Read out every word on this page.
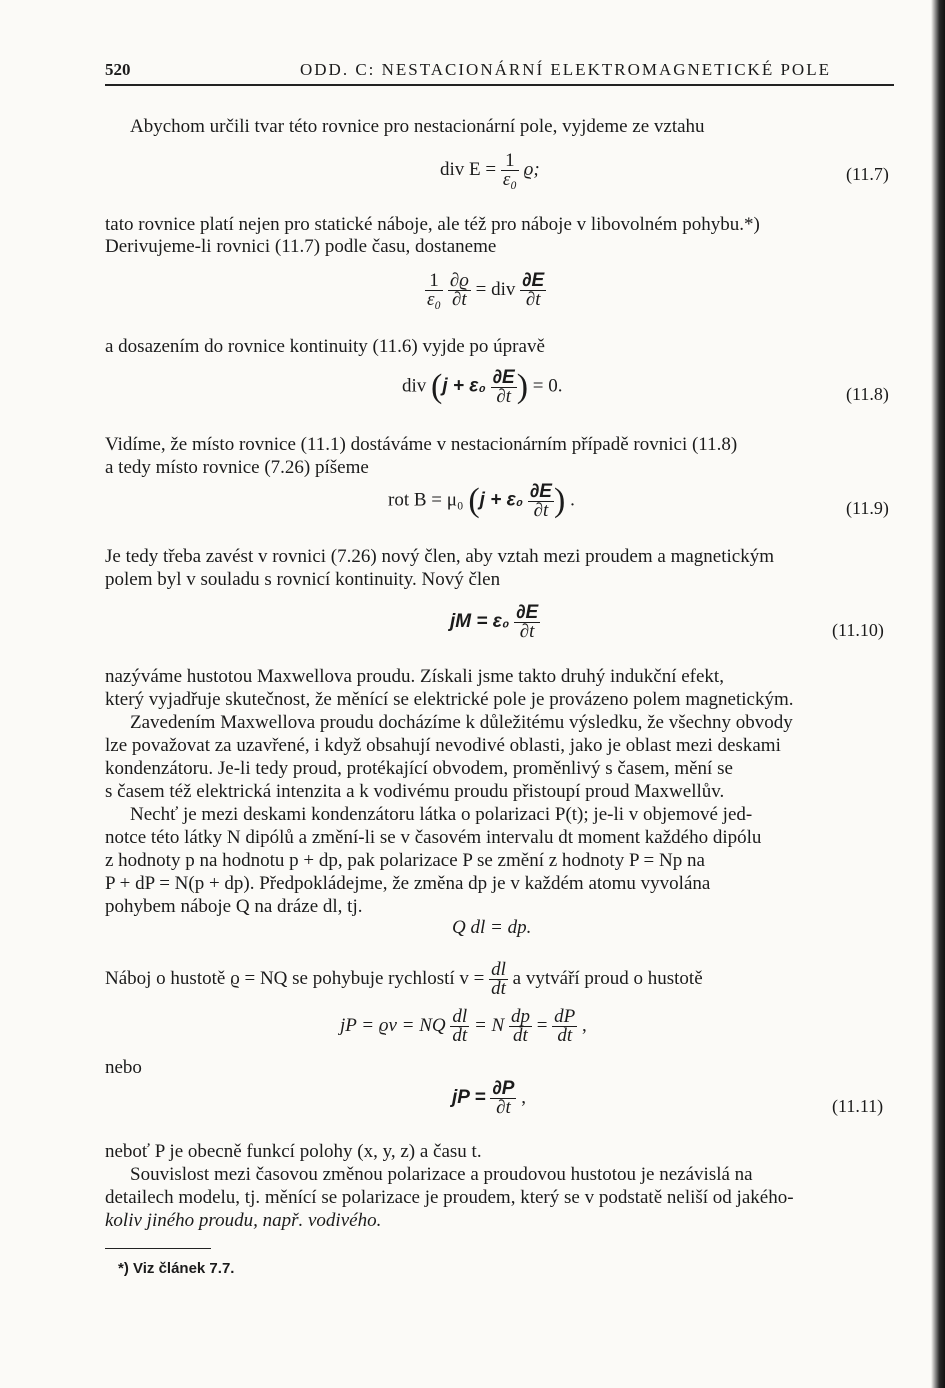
520	ODD. C: NESTACIONÁRNÍ ELEKTROMAGNETICKÉ POLE
Abychom určili tvar této rovnice pro nestacionární pole, vyjdeme ze vztahu
div $E = \frac{1}{\text{ε₀}} ϱ$;	(11.7)
tato rovnice platí nejen pro statické náboje, ale též pro náboje v libovolném pohybu.*)
Derivujeme-li rovnici (11.7) podle času, dostaneme
$\frac{1}{\text{ε₀}}$
$\frac{\partial ϱ}{\partial t}$ = div $\frac{\partial E}{\partial t}$
a dosazením do rovnice kontinuity (11.6) vyjde po úpravě
div ($j + \varepsilon_0 \frac{\partial E}{\partial t}$ ) = 0.	(11.8)
Vidíme, že místo rovnice (11.1) dostáváme v nestacionárním případě rovnici (11.8)
a tedy místo rovnice (7.26) píšeme
rot B = μ₀ ($j + \varepsilon_0 \frac{\partial E}{\partial t}$ ) .	(11.9)
Je tedy třeba zavést v rovnici (7.26) nový člen, aby vztah mezi proudem a magnetickým
polem byl v souladu s rovnicí kontinuity. Nový člen
jM = $\varepsilon_0 \frac{\partial E}{\partial t}$	(11.10)
nazýváme hustotou Maxwellova proudu. Získali jsme takto druhý indukční efekt,
který vyjadřuje skutečnost, že měnící se elektrické pole je provázeno polem magnetickým.
Zavedením Maxwellova proudu docházíme k důležitému výsledku, že všechny obvody
lze považovat za uzavřené, i když obsahují nevodivé oblasti, jako je oblast mezi deskami
kondenzátoru. Je-li tedy proud, protékající obvodem, proměnlivý s časem, mění se
s časem též elektrická intenzita a k vodivému proudu přistoupí proud Maxwellův.
Nechť je mezi deskami kondenzátoru látka o polarizaci P(t); je-li v objemové jed-
notce této látky N dipólů a změní-li se v časovém intervalu dt moment každého dipólu
z hodnoty p na hodnotu p + dp, pak polarizace P se změní z hodnoty P = Np na
P + dP = N(p + dp). Předpokládejme, že změna dp je v každém atomu vyvolána
pohybem náboje Q na dráze dl, tj.
Q dl = dp.
Náboj o hustotě ϱ = NQ se pohybuje rychlostí $v = \frac{dl}{dt}$ a vytváří proud o hustotě
jP = ϱv = NQ $\frac{dl}{dt} = N \frac{dp}{dt} = \frac{dP}{dt}$ ,
nebo
jP = $\frac{\partial P}{\partial t}$ ,	(11.11)
neboť P je obecně funkcí polohy (x, y, z) a času t.
Souvislost mezi časovou změnou polarizace a proudovou hustotou je nezávislá na
detailech modelu, tj. měnící se polarizace je proudem, který se v podstatě neliší od jakého-
koliv jiného proudu, např. vodivého.
*) Viz článek 7.7.
